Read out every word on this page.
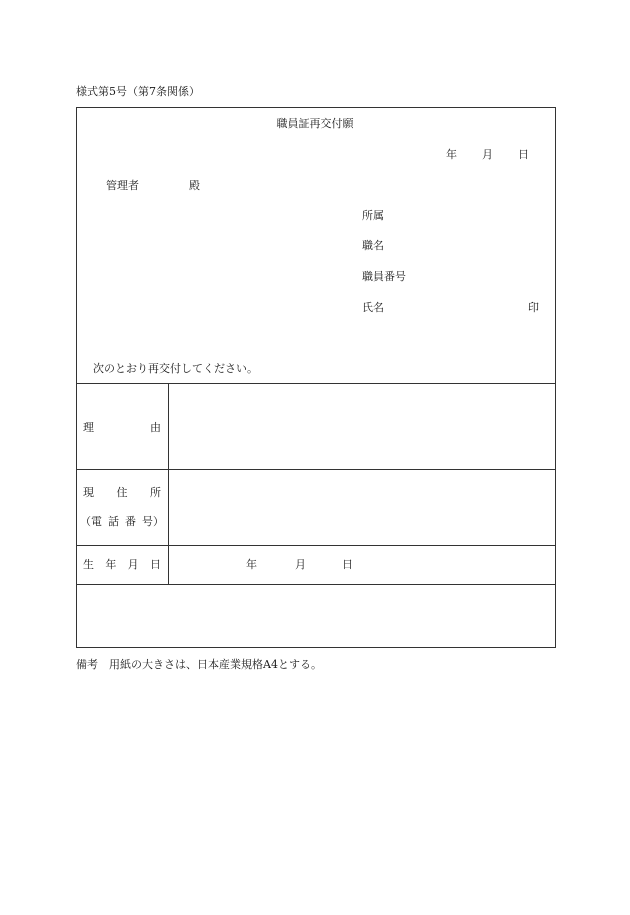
様式第5号（第7条関係）
職員証再交付願
年 月 日
管理者	殿
所属
職名
職員番号
氏名	印
次のとおり再交付してください。
理	由
現 住 所
（電 話 番 号）
生 年 月 日	年	月	日
備考　用紙の大きさは、日本産業規格A4とする。
